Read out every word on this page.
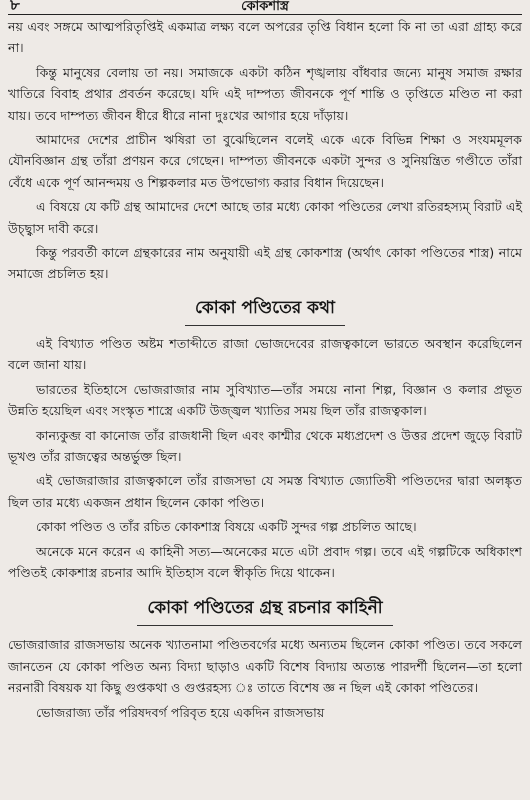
৮	কোকশাস্ত্র

নয় এবং সঙ্গমে আত্মপরিতৃপ্তিই একমাত্র লক্ষ্য বলে অপরের তৃপ্তি বিধান হলো কি না তা এরা গ্রাহ্য করে না।

কিন্তু মানুষের বেলায় তা নয়। সমাজকে একটা কঠিন শৃঙ্খলায় বাঁধবার জন্যে মানুষ সমাজ রক্ষার খাতিরে বিবাহ প্রথার প্রবর্তন করেছে। যদি এই দাম্পত্য জীবনকে পূর্ণ শান্তি ও তৃপ্তিতে মণ্ডিত না করা যায়। তবে দাম্পত্য জীবন ধীরে ধীরে নানা দুঃখের আগার হয়ে দাঁড়ায়।

আমাদের দেশের প্রাচীন ঋষিরা তা বুঝেছিলেন বলেই একে একে বিভিন্ন শিক্ষা ও সংযমমূলক যৌনবিজ্ঞান গ্রন্থ তাঁরা প্রণয়ন করে গেছেন। দাম্পত্য জীবনকে একটা সুন্দর ও সুনিয়ন্ত্রিত গণ্ডীতে তাঁরা বেঁধে একে পূর্ণ আনন্দময় ও শিল্পকলার মত উপভোগ্য করার বিধান দিয়েছেন।

এ বিষয়ে যে কটি গ্রন্থ আমাদের দেশে আছে তার মধ্যে কোকা পণ্ডিতের লেখা রতিরহস্যম্ বিরাট এই উচ্ছ্বাস দাবী করে।

কিন্তু পরবর্তী কালে গ্রন্থকারের নাম অনুযায়ী এই গ্রন্থ কোকশাস্ত্র (অর্থাৎ কোকা পণ্ডিতের শাস্ত্র) নামে সমাজে প্রচলিত হয়।

কোকা পণ্ডিতের কথা

এই বিখ্যাত পণ্ডিত অষ্টম শতাব্দীতে রাজা ভোজদেবের রাজত্বকালে ভারতে অবস্থান করেছিলেন বলে জানা যায়।

ভারতের ইতিহাসে ভোজরাজার নাম সুবিখ্যাত—তাঁর সময়ে নানা শিল্প, বিজ্ঞান ও কলার প্রভূত উন্নতি হয়েছিল এবং সংস্কৃত শাস্ত্রে একটি উজ্জ্বল খ্যাতির সময় ছিল তাঁর রাজত্বকাল।

কান্যকুব্জ বা কানোজ তাঁর রাজধানী ছিল এবং কাশ্মীর থেকে মধ্যপ্রদেশ ও উত্তর প্রদেশ জুড়ে বিরাট ভূখণ্ড তাঁর রাজত্বের অন্তর্ভুক্ত ছিল।

এই ভোজরাজার রাজত্বকালে তাঁর রাজসভা যে সমস্ত বিখ্যাত জ্যোতিষী পণ্ডিতদের দ্বারা অলঙ্কৃত ছিল তার মধ্যে একজন প্রধান ছিলেন কোকা পণ্ডিত।

কোকা পণ্ডিত ও তাঁর রচিত কোকশাস্ত্র বিষয়ে একটি সুন্দর গল্প প্রচলিত আছে।

অনেকে মনে করেন এ কাহিনী সত্য—অনেকের মতে এটা প্রবাদ গল্প। তবে এই গল্পটিকে অধিকাংশ পণ্ডিতই কোকশাস্ত্র রচনার আদি ইতিহাস বলে স্বীকৃতি দিয়ে থাকেন।

কোকা পণ্ডিতের গ্রন্থ রচনার কাহিনী

ভোজরাজার রাজসভায় অনেক খ্যাতনামা পণ্ডিতবর্গের মধ্যে অন্যতম ছিলেন কোকা পণ্ডিত। তবে সকলে জানতেন যে কোকা পণ্ডিত অন্য বিদ্যা ছাড়াও একটি বিশেষ বিদ্যায় অত্যন্ত পারদর্শী ছিলেন—তা হলো নরনারী বিষয়ক যা কিছু গুপ্তকথা ও গুপ্তরহস্য ঃ তাতে বিশেষ জ্ঞ ন ছিল এই কোকা পণ্ডিতের।

ভোজরাজ্য তাঁর পরিষদবর্গ পরিবৃত হয়ে একদিন রাজসভায়
